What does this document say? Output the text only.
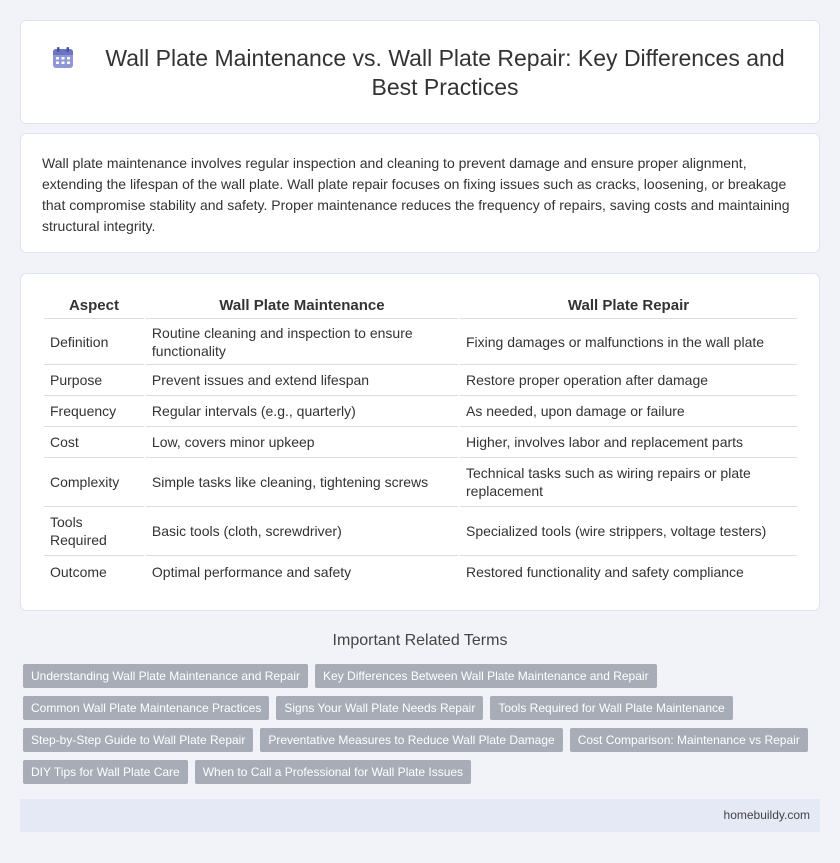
Wall Plate Maintenance vs. Wall Plate Repair: Key Differences and Best Practices

Wall plate maintenance involves regular inspection and cleaning to prevent damage and ensure proper alignment, extending the lifespan of the wall plate. Wall plate repair focuses on fixing issues such as cracks, loosening, or breakage that compromise stability and safety. Proper maintenance reduces the frequency of repairs, saving costs and maintaining structural integrity.

Aspect	Wall Plate Maintenance	Wall Plate Repair
Definition	Routine cleaning and inspection to ensure functionality	Fixing damages or malfunctions in the wall plate
Purpose	Prevent issues and extend lifespan	Restore proper operation after damage
Frequency	Regular intervals (e.g., quarterly)	As needed, upon damage or failure
Cost	Low, covers minor upkeep	Higher, involves labor and replacement parts
Complexity	Simple tasks like cleaning, tightening screws	Technical tasks such as wiring repairs or plate replacement
Tools Required	Basic tools (cloth, screwdriver)	Specialized tools (wire strippers, voltage testers)
Outcome	Optimal performance and safety	Restored functionality and safety compliance
Important Related Terms
Understanding Wall Plate Maintenance and Repair	Key Differences Between Wall Plate Maintenance and Repair
Common Wall Plate Maintenance Practices	Signs Your Wall Plate Needs Repair	Tools Required for Wall Plate Maintenance
Step-by-Step Guide to Wall Plate Repair	Preventative Measures to Reduce Wall Plate Damage	Cost Comparison: Maintenance vs Repair
DIY Tips for Wall Plate Care	When to Call a Professional for Wall Plate Issues
homebuildy.com
